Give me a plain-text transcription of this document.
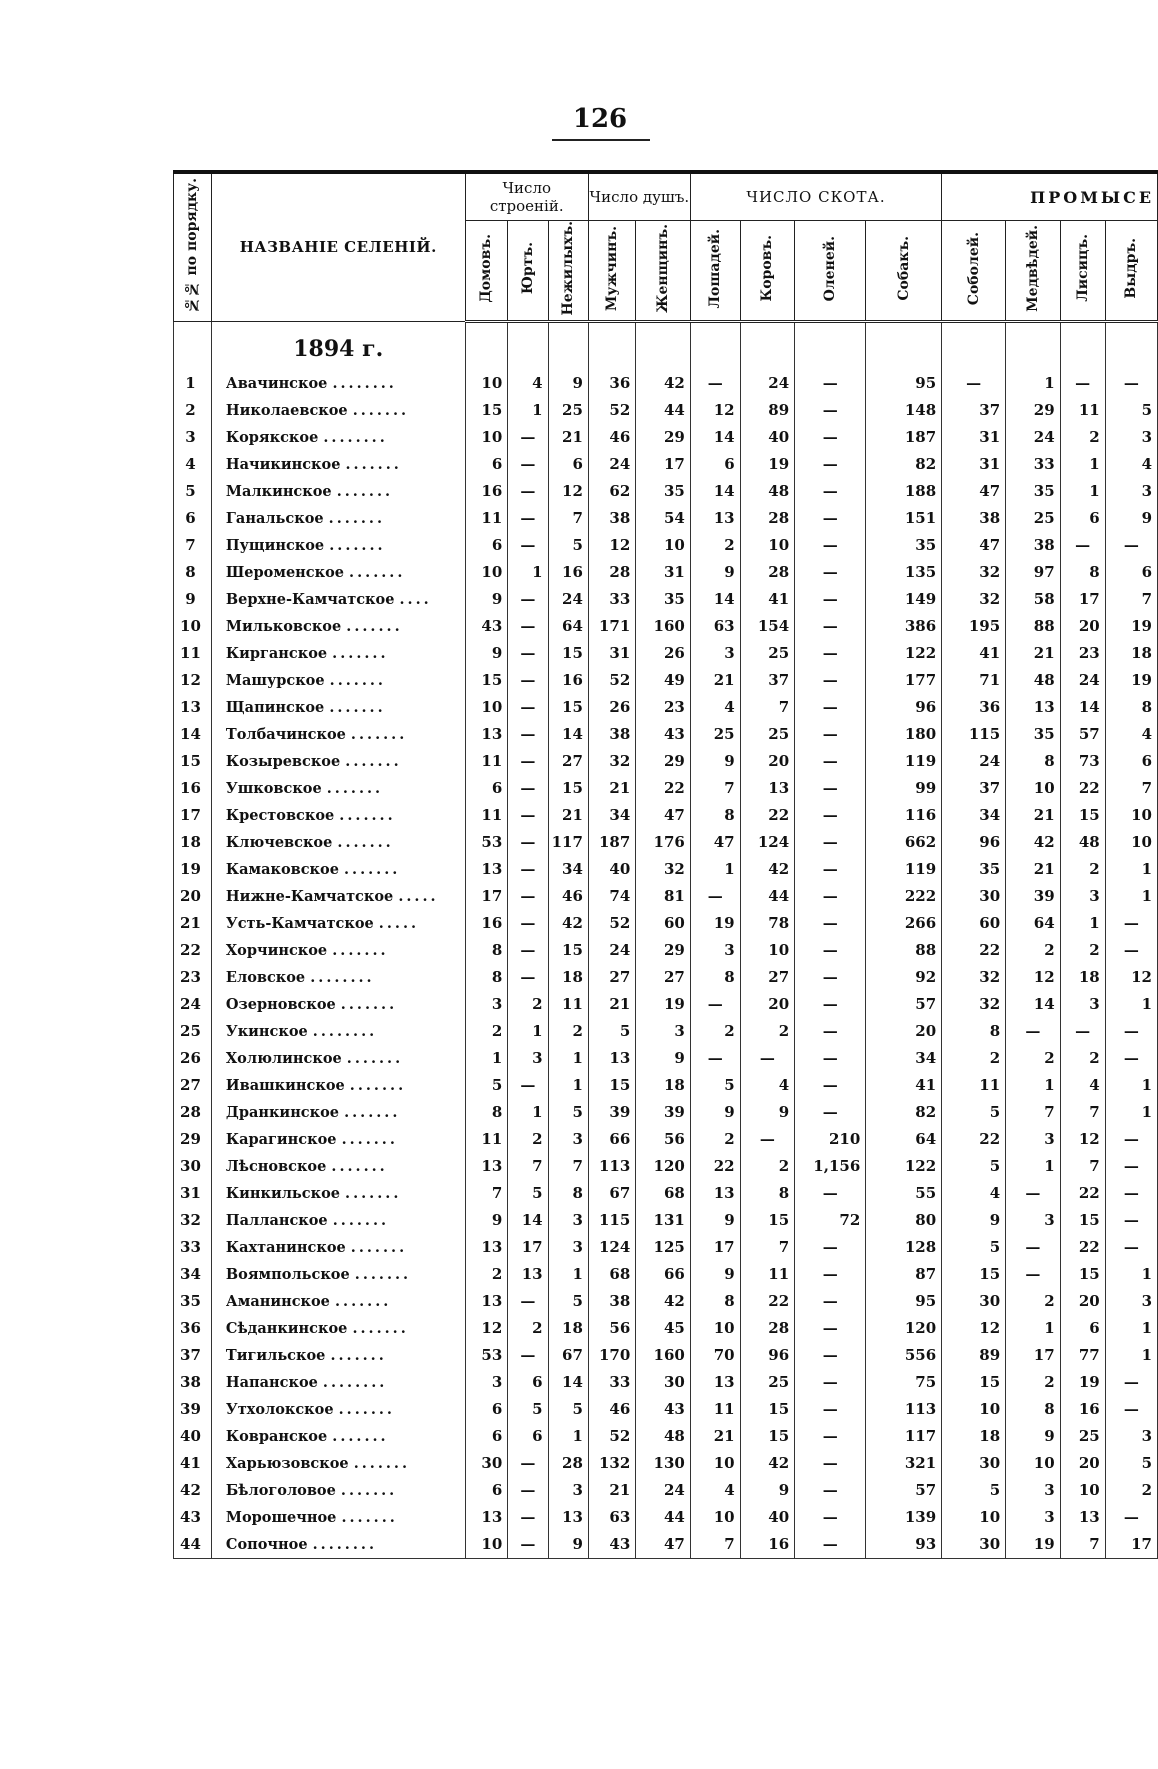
126
№№ по порядку.	НАЗВАНІЕ СЕЛЕНІЙ.	Число строеній.			Число душъ.		ЧИСЛО СКОТА.				ПРОМЫСЕ			
		Домовъ.	Юртъ.	Нежилыхъ.	Мужчинъ.	Женщинъ.	Лошадей.	Коровъ.	Оленей.	Собакъ.	Соболей.	Медвѣдей.	Лисицъ.	Выдръ.
	1894 г.													
1	Авачинское ........	10	4	9	36	42	—	24	—	95	—	1	—	—
2	Николаевское .......	15	1	25	52	44	12	89	—	148	37	29	11	5
3	Корякское ........	10	—	21	46	29	14	40	—	187	31	24	2	3
4	Начикинское .......	6	—	6	24	17	6	19	—	82	31	33	1	4
5	Малкинское .......	16	—	12	62	35	14	48	—	188	47	35	1	3
6	Ганальское .......	11	—	7	38	54	13	28	—	151	38	25	6	9
7	Пущинское .......	6	—	5	12	10	2	10	—	35	47	38	—	—
8	Шероменское .......	10	1	16	28	31	9	28	—	135	32	97	8	6
9	Верхне-Камчатское ....	9	—	24	33	35	14	41	—	149	32	58	17	7
10	Мильковское .......	43	—	64	171	160	63	154	—	386	195	88	20	19
11	Кирганское .......	9	—	15	31	26	3	25	—	122	41	21	23	18
12	Машурское .......	15	—	16	52	49	21	37	—	177	71	48	24	19
13	Щапинское .......	10	—	15	26	23	4	7	—	96	36	13	14	8
14	Толбачинское .......	13	—	14	38	43	25	25	—	180	115	35	57	4
15	Козыревское .......	11	—	27	32	29	9	20	—	119	24	8	73	6
16	Ушковское .......	6	—	15	21	22	7	13	—	99	37	10	22	7
17	Крестовское .......	11	—	21	34	47	8	22	—	116	34	21	15	10
18	Ключевское .......	53	—	117	187	176	47	124	—	662	96	42	48	10
19	Камаковское .......	13	—	34	40	32	1	42	—	119	35	21	2	1
20	Нижне-Камчатское .....	17	—	46	74	81	—	44	—	222	30	39	3	1
21	Усть-Камчатское .....	16	—	42	52	60	19	78	—	266	60	64	1	—
22	Хорчинское .......	8	—	15	24	29	3	10	—	88	22	2	2	—
23	Еловское ........	8	—	18	27	27	8	27	—	92	32	12	18	12
24	Озерновское .......	3	2	11	21	19	—	20	—	57	32	14	3	1
25	Укинское ........	2	1	2	5	3	2	2	—	20	8	—	—	—
26	Холюлинское .......	1	3	1	13	9	—	—	—	34	2	2	2	—
27	Ивашкинское .......	5	—	1	15	18	5	4	—	41	11	1	4	1
28	Дранкинское .......	8	1	5	39	39	9	9	—	82	5	7	7	1
29	Карагинское .......	11	2	3	66	56	2	—	210	64	22	3	12	—
30	Лѣсновское .......	13	7	7	113	120	22	2	1,156	122	5	1	7	—
31	Кинкильское .......	7	5	8	67	68	13	8	—	55	4	—	22	—
32	Палланское .......	9	14	3	115	131	9	15	72	80	9	3	15	—
33	Кахтанинское .......	13	17	3	124	125	17	7	—	128	5	—	22	—
34	Воямпольское .......	2	13	1	68	66	9	11	—	87	15	—	15	1
35	Аманинское .......	13	—	5	38	42	8	22	—	95	30	2	20	3
36	Сѣданкинское .......	12	2	18	56	45	10	28	—	120	12	1	6	1
37	Тигильское .......	53	—	67	170	160	70	96	—	556	89	17	77	1
38	Напанское ........	3	6	14	33	30	13	25	—	75	15	2	19	—
39	Утхолокское .......	6	5	5	46	43	11	15	—	113	10	8	16	—
40	Ковранское .......	6	6	1	52	48	21	15	—	117	18	9	25	3
41	Харьюзовское .......	30	—	28	132	130	10	42	—	321	30	10	20	5
42	Бѣлоголовое .......	6	—	3	21	24	4	9	—	57	5	3	10	2
43	Морошечное .......	13	—	13	63	44	10	40	—	139	10	3	13	—
44	Сопочное ........	10	—	9	43	47	7	16	—	93	30	19	7	17
